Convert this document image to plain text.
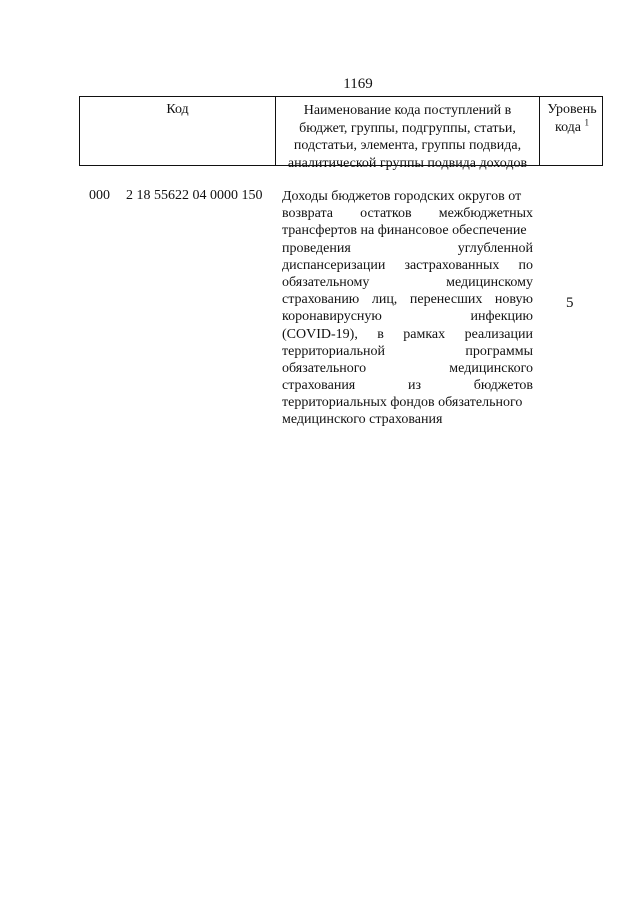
1169
Код	Наименование кода поступлений в
бюджет, группы, подгруппы, статьи,
подстатьи, элемента, группы подвида,
аналитической группы подвида доходов
Уровень
кода $^1$
000 2 18 55622 04 0000 150 Доходы бюджетов городских округов от
возврата остатков межбюджетных
трансфертов на финансовое обеспечение
проведения углубленной
диспансеризации застрахованных по
обязательному медицинскому
страхованию лиц, перенесших новую
коронавирусную инфекцию
(COVID-19), в рамках реализации
территориальной программы
обязательного медицинского
страхования из бюджетов
территориальных фондов обязательного
медицинского страхования
5
